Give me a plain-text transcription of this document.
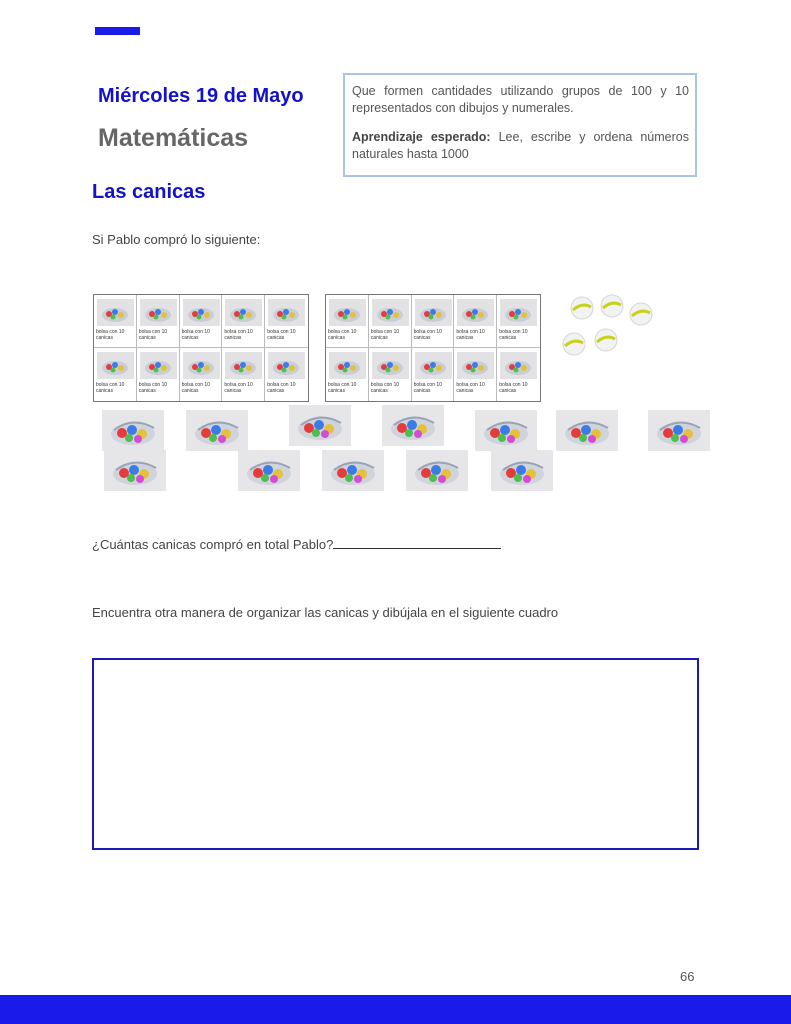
Miércoles 19 de Mayo
Matemáticas

Que formen cantidades utilizando grupos de 100 y 10 representados con dibujos y numerales.

Aprendizaje esperado: Lee, escribe y ordena números naturales hasta 1000

Las canicas
Si Pablo compró lo siguiente:
bolsa con 10 canicas
bolsa con 10 canicas
bolsa con 10 canicas
bolsa con 10 canicas
bolsa con 10 canicas
bolsa con 10 canicas
bolsa con 10 canicas
bolsa con 10 canicas
bolsa con 10 canicas
bolsa con 10 canicas
bolsa con 10 canicas
bolsa con 10 canicas
bolsa con 10 canicas
bolsa con 10 canicas
bolsa con 10 canicas
bolsa con 10 canicas
bolsa con 10 canicas
bolsa con 10 canicas
bolsa con 10 canicas
bolsa con 10 canicas
¿Cuántas canicas compró en total Pablo?
Encuentra otra manera de organizar las canicas y dibújala en el siguiente cuadro
66
